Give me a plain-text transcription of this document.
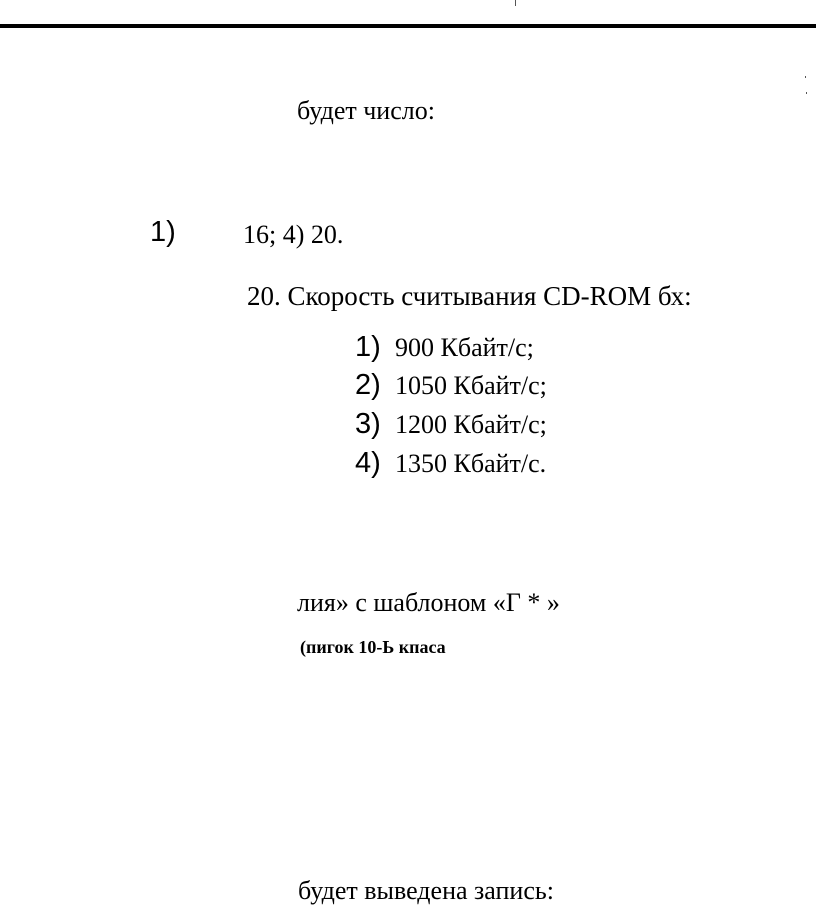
будет число:
1)	16; 4) 20.
20. Скорость считывания CD-ROM бх:
1) 900 Кбайт/с;
2) 1050 Кбайт/с;
3) 1200 Кбайт/с;
4) 1350 Кбайт/с.
лия» с шаблоном «Г * »
(пигок 10-Ь кпаса
будет выведена запись:
